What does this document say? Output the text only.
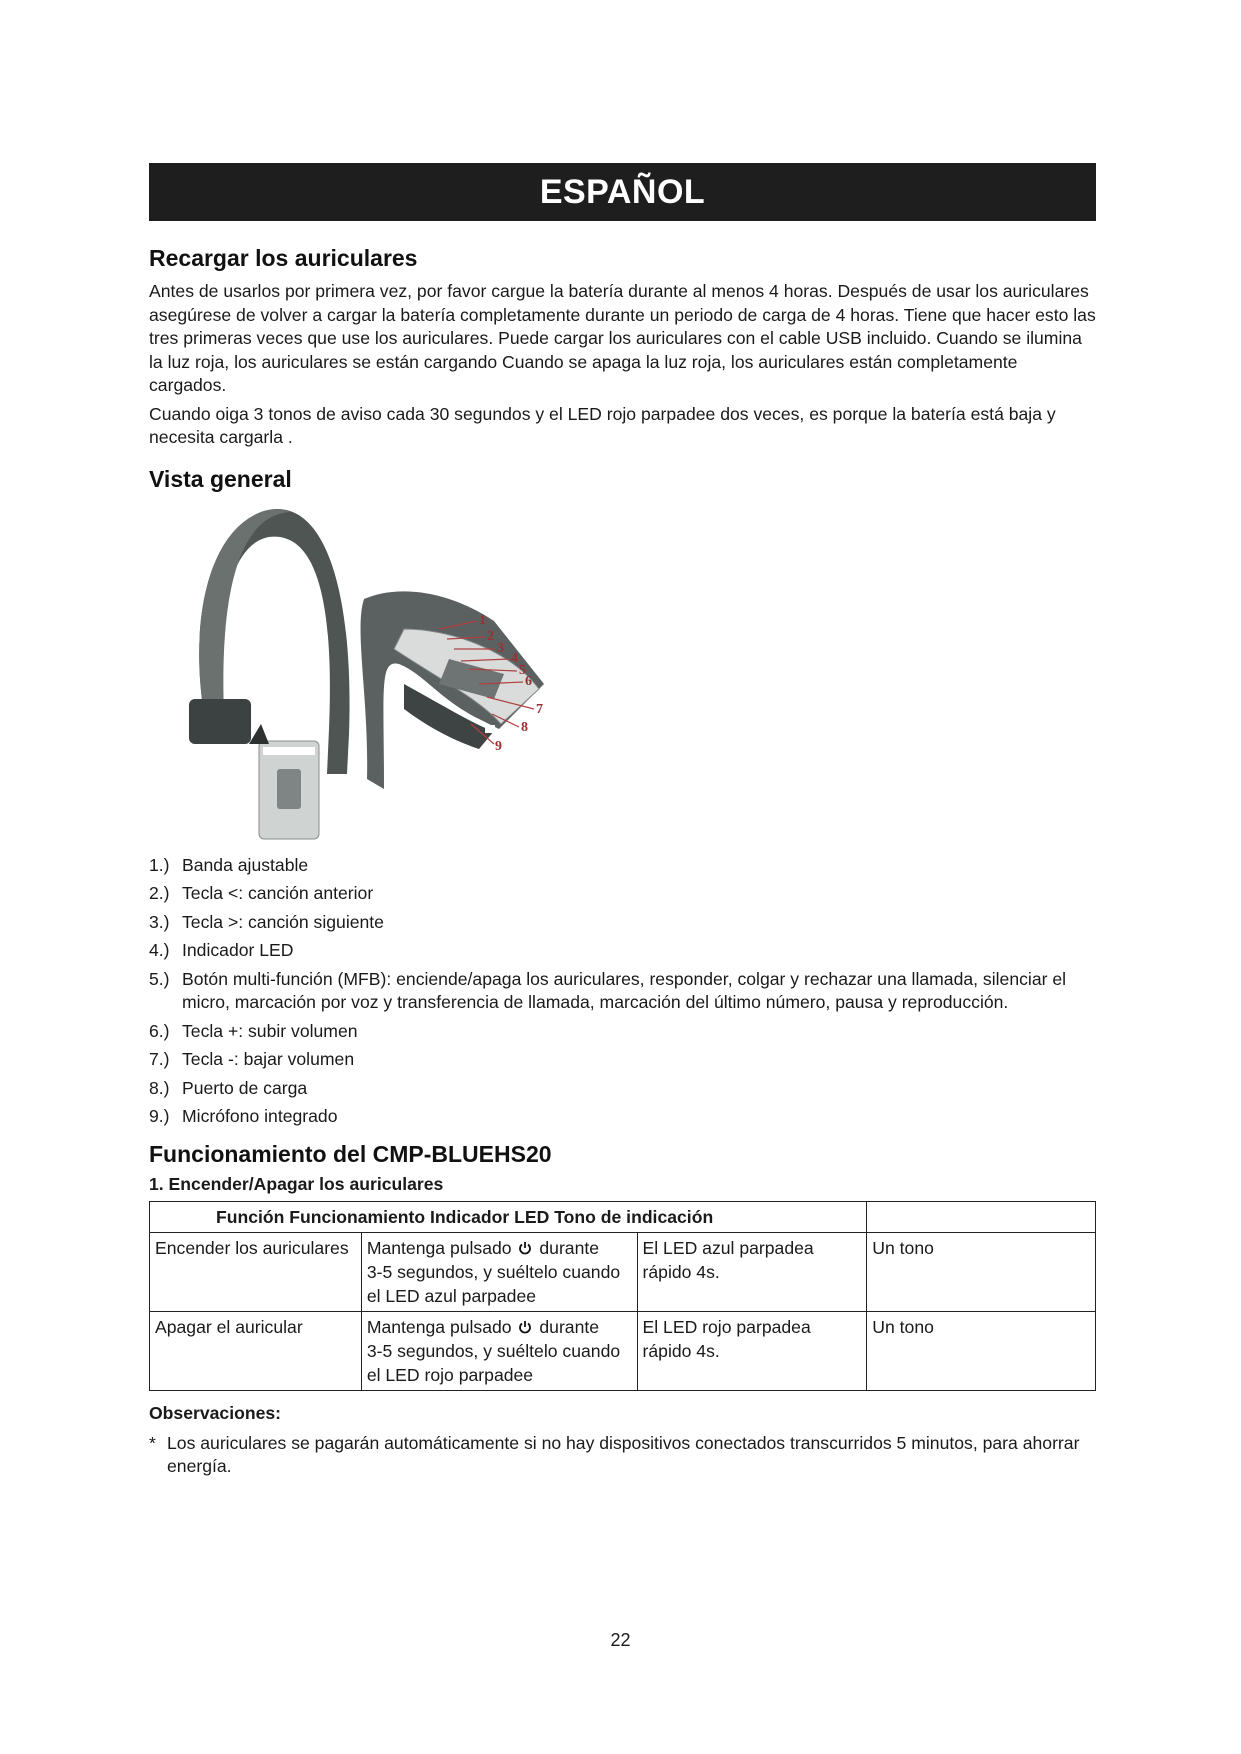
ESPAÑOL
Recargar los auriculares

Antes de usarlos por primera vez, por favor cargue la batería durante al menos 4 horas. Después de usar los auriculares asegúrese de volver a cargar la batería completamente durante un periodo de carga de 4 horas. Tiene que hacer esto las tres primeras veces que use los auriculares. Puede cargar los auriculares con el cable USB incluido. Cuando se ilumina la luz roja, los auriculares se están cargando Cuando se apaga la luz roja, los auriculares están completamente cargados.

Cuando oiga 3 tonos de aviso cada 30 segundos y el LED rojo parpadee dos veces, es porque la batería está baja y necesita cargarla .

Vista general
1
2
3
4
5
6
7
8
9
1.) Banda ajustable
2.) Tecla <: canción anterior
3.) Tecla >: canción siguiente
4.) Indicador LED
5.) Botón multi-función (MFB): enciende/apaga los auriculares, responder, colgar y rechazar una llamada, silenciar el micro, marcación por voz y transferencia de llamada, marcación del último número, pausa y reproducción.
6.) Tecla +: subir volumen
7.) Tecla -: bajar volumen
8.) Puerto de carga
9.) Micrófono integrado
Funcionamiento del CMP-BLUEHS20
1. Encender/Apagar los auriculares
Función Funcionamiento Indicador LED Tono de indicación			
Encender los auriculares	Mantenga pulsado durante
3-5 segundos, y suéltelo cuando el LED azul parpadee	El LED azul parpadea rápido 4s.	Un tono
Apagar el auricular	Mantenga pulsado durante
3-5 segundos, y suéltelo cuando el LED rojo parpadee	El LED rojo parpadea rápido 4s.	Un tono
Observaciones:
* Los auriculares se pagarán automáticamente si no hay dispositivos conectados transcurridos 5 minutos, para ahorrar energía.
22
